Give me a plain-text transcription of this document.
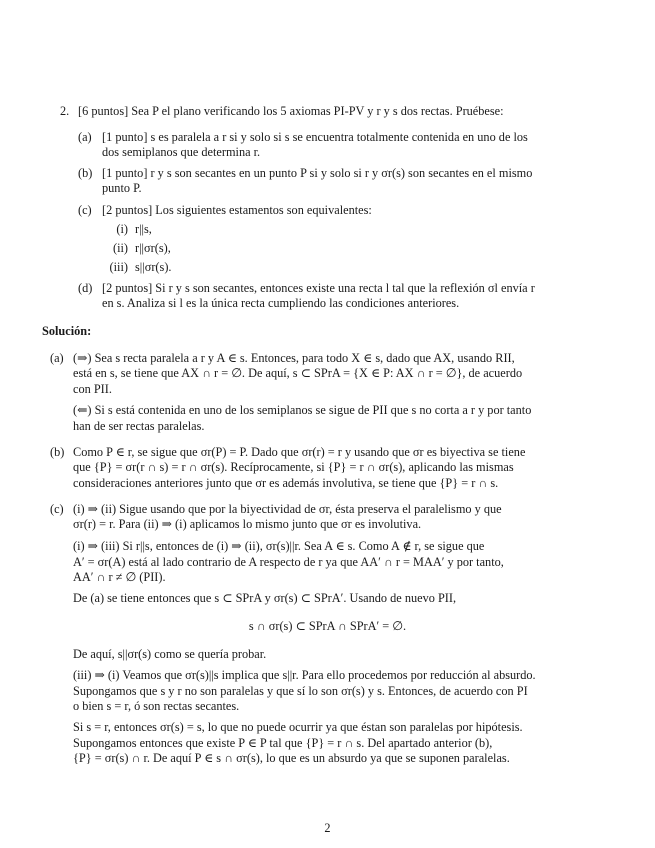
2. [6 puntos] Sea P el plano verificando los 5 axiomas PI-PV y r y s dos rectas. Pruébese:
(a) [1 punto] s es paralela a r si y solo si s se encuentra totalmente contenida en uno de los
dos semiplanos que determina r.
(b) [1 punto] r y s son secantes en un punto P si y solo si r y σr(s) son secantes en el mismo
punto P.
(c) [2 puntos] Los siguientes estamentos son equivalentes:
(i) r||s,
(ii) r||σr(s),
(iii) s||σr(s).
(d) [2 puntos] Si r y s son secantes, entonces existe una recta l tal que la reflexión σl envía r
en s. Analiza si l es la única recta cumpliendo las condiciones anteriores.
Solución:
(a) (⇒) Sea s recta paralela a r y A ∈ s. Entonces, para todo X ∈ s, dado que AX, usando RII,
está en s, se tiene que AX ∩ r = ∅. De aquí, s ⊂ SPrA = {X ∈ P: AX ∩ r = ∅}, de acuerdo
con PII.
(⇐) Si s está contenida en uno de los semiplanos se sigue de PII que s no corta a r y por tanto
han de ser rectas paralelas.
(b) Como P ∈ r, se sigue que σr(P) = P. Dado que σr(r) = r y usando que σr es biyectiva se tiene
que {P} = σr(r ∩ s) = r ∩ σr(s). Recíprocamente, si {P} = r ∩ σr(s), aplicando las mismas
consideraciones anteriores junto que σr es además involutiva, se tiene que {P} = r ∩ s.
(c) (i) ⇒ (ii) Sigue usando que por la biyectividad de σr, ésta preserva el paralelismo y que
σr(r) = r. Para (ii) ⇒ (i) aplicamos lo mismo junto que σr es involutiva.
(i) ⇒ (iii) Si r||s, entonces de (i) ⇒ (ii), σr(s)||r. Sea A ∈ s. Como A ∉ r, se sigue que
A′ = σr(A) está al lado contrario de A respecto de r ya que AA′ ∩ r = MAA′ y por tanto,
AA′ ∩ r ≠ ∅ (PII).
De (a) se tiene entonces que s ⊂ SPrA y σr(s) ⊂ SPrA′. Usando de nuevo PII,
s ∩ σr(s) ⊂ SPrA ∩ SPrA′ = ∅.
De aquí, s||σr(s) como se quería probar.
(iii) ⇒ (i) Veamos que σr(s)||s implica que s||r. Para ello procedemos por reducción al absurdo.
Supongamos que s y r no son paralelas y que sí lo son σr(s) y s. Entonces, de acuerdo con PI
o bien s = r, ó son rectas secantes.
Si s = r, entonces σr(s) = s, lo que no puede ocurrir ya que éstan son paralelas por hipótesis.
Supongamos entonces que existe P ∈ P tal que {P} = r ∩ s. Del apartado anterior (b),
{P} = σr(s) ∩ r. De aquí P ∈ s ∩ σr(s), lo que es un absurdo ya que se suponen paralelas.
2
